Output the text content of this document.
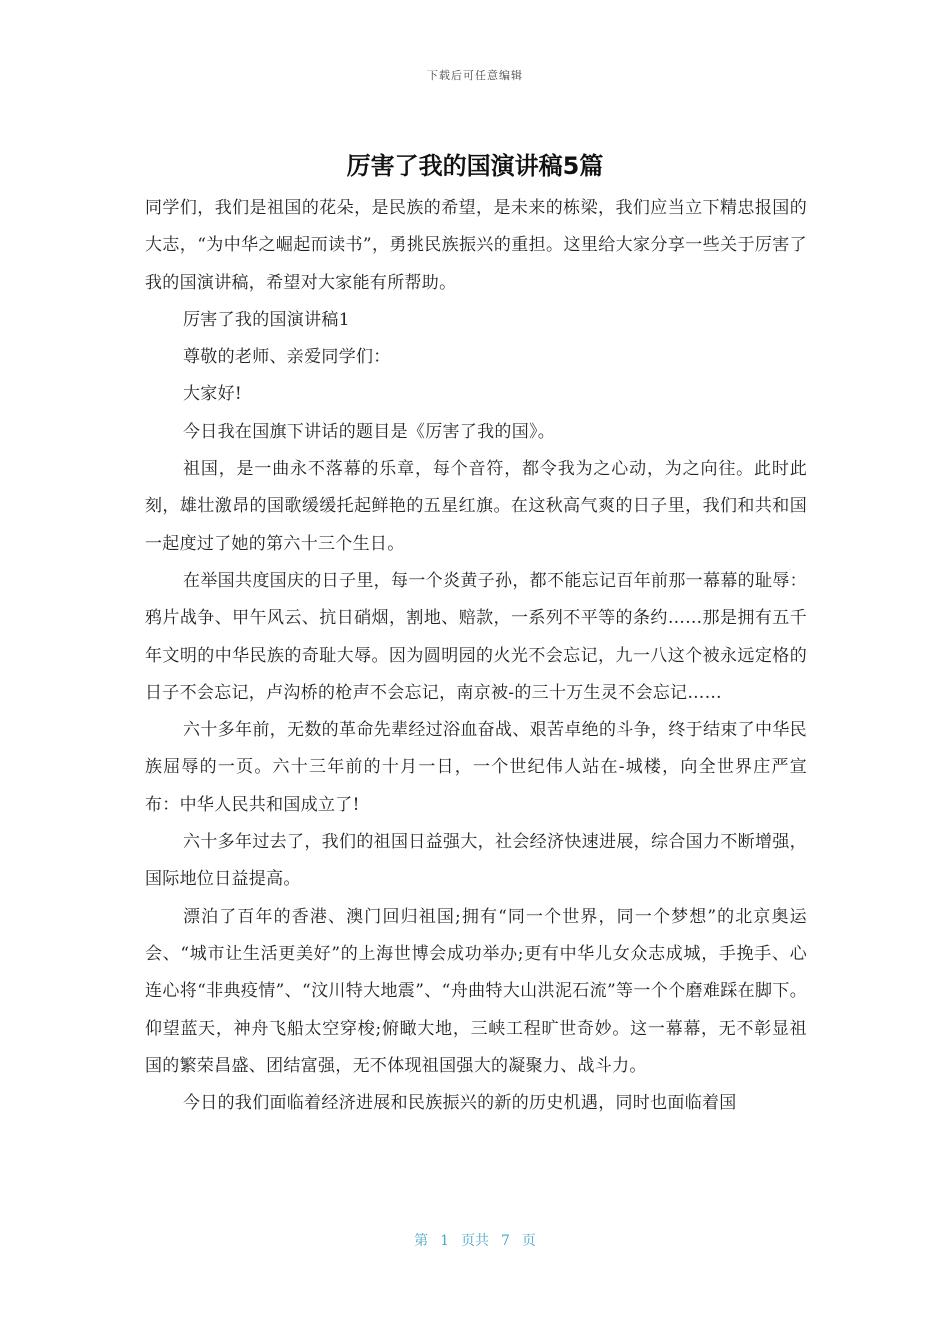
下载后可任意编辑
厉害了我的国演讲稿5篇

同学们，我们是祖国的花朵，是民族的希望，是未来的栋梁，我们应当立下精忠报国的大志，“为中华之崛起而读书”，勇挑民族振兴的重担。这里给大家分享一些关于厉害了我的国演讲稿，希望对大家能有所帮助。

厉害了我的国演讲稿1

尊敬的老师、亲爱同学们：

大家好!

今日我在国旗下讲话的题目是《厉害了我的国》。

祖国，是一曲永不落幕的乐章，每个音符，都令我为之心动，为之向往。此时此刻，雄壮激昂的国歌缓缓托起鲜艳的五星红旗。在这秋高气爽的日子里，我们和共和国一起度过了她的第六十三个生日。

在举国共度国庆的日子里，每一个炎黄子孙，都不能忘记百年前那一幕幕的耻辱：鸦片战争、甲午风云、抗日硝烟，割地、赔款，一系列不平等的条约……那是拥有五千年文明的中华民族的奇耻大辱。因为圆明园的火光不会忘记，九一八这个被永远定格的日子不会忘记，卢沟桥的枪声不会忘记，南京被-的三十万生灵不会忘记……

六十多年前，无数的革命先辈经过浴血奋战、艰苦卓绝的斗争，终于结束了中华民族屈辱的一页。六十三年前的十月一日，一个世纪伟人站在-城楼，向全世界庄严宣布：中华人民共和国成立了!

六十多年过去了，我们的祖国日益强大，社会经济快速进展，综合国力不断增强，国际地位日益提高。

漂泊了百年的香港、澳门回归祖国;拥有“同一个世界，同一个梦想”的北京奥运会、“城市让生活更美好”的上海世博会成功举办;更有中华儿女众志成城，手挽手、心连心将“非典疫情”、“汶川特大地震”、“舟曲特大山洪泥石流”等一个个磨难踩在脚下。仰望蓝天，神舟飞船太空穿梭;俯瞰大地，三峡工程旷世奇妙。这一幕幕，无不彰显祖国的繁荣昌盛、团结富强，无不体现祖国强大的凝聚力、战斗力。

今日的我们面临着经济进展和民族振兴的新的历史机遇，同时也面临着国

第 1 页共 7 页
